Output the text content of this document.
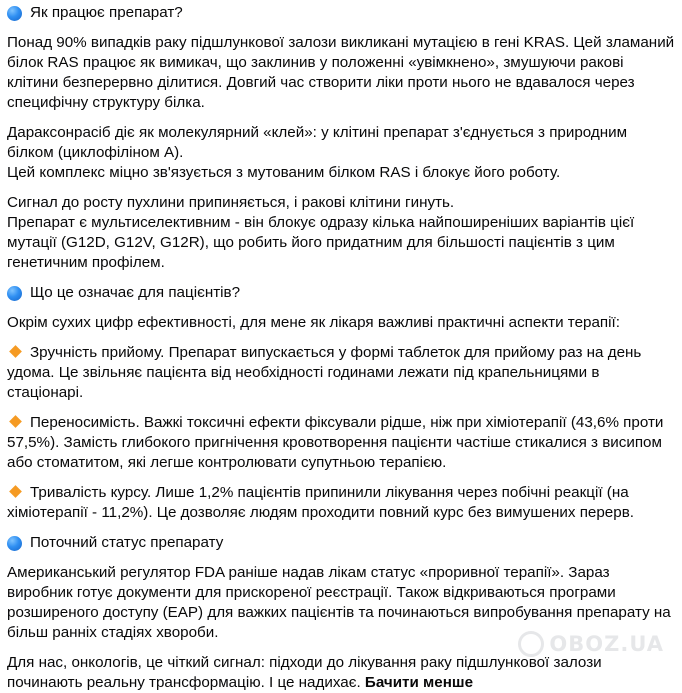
Як працює препарат?

Понад 90% випадків раку підшлункової залози викликані мутацією в гені KRAS. Цей зламаний білок RAS працює як вимикач, що заклинив у положенні «увімкнено», змушуючи ракові клітини безперервно ділитися. Довгий час створити ліки проти нього не вдавалося через специфічну структуру білка.

Дараксонрасіб діє як молекулярний «клей»: у клітині препарат з'єднується з природним білком (циклофіліном А).

Цей комплекс міцно зв'язується з мутованим білком RAS і блокує його роботу.

Сигнал до росту пухлини припиняється, і ракові клітини гинуть.

Препарат є мультиселективним - він блокує одразу кілька найпоширеніших варіантів цієї мутації (G12D, G12V, G12R), що робить його придатним для більшості пацієнтів з цим генетичним профілем.

Що це означає для пацієнтів?

Окрім сухих цифр ефективності, для мене як лікаря важливі практичні аспекти терапії:

Зручність прийому. Препарат випускається у формі таблеток для прийому раз на день удома. Це звільняє пацієнта від необхідності годинами лежати під крапельницями в стаціонарі.

Переносимість. Важкі токсичні ефекти фіксували рідше, ніж при хіміотерапії (43,6% проти 57,5%). Замість глибокого пригнічення кровотворення пацієнти частіше стикалися з висипом або стоматитом, які легше контролювати супутньою терапією.

Тривалість курсу. Лише 1,2% пацієнтів припинили лікування через побічні реакції (на хіміотерапії - 11,2%). Це дозволяє людям проходити повний курс без вимушених перерв.

Поточний статус препарату

Американський регулятор FDA раніше надав лікам статус «проривної терапії». Зараз виробник готує документи для прискореної реєстрації. Також відкриваються програми розширеного доступу (EAP) для важких пацієнтів та починаються випробування препарату на більш ранніх стадіях хвороби.

Для нас, онкологів, це чіткий сигнал: підходи до лікування раку підшлункової залози починають реальну трансформацію. І це надихає. Бачити менше

OBOZ.UA
